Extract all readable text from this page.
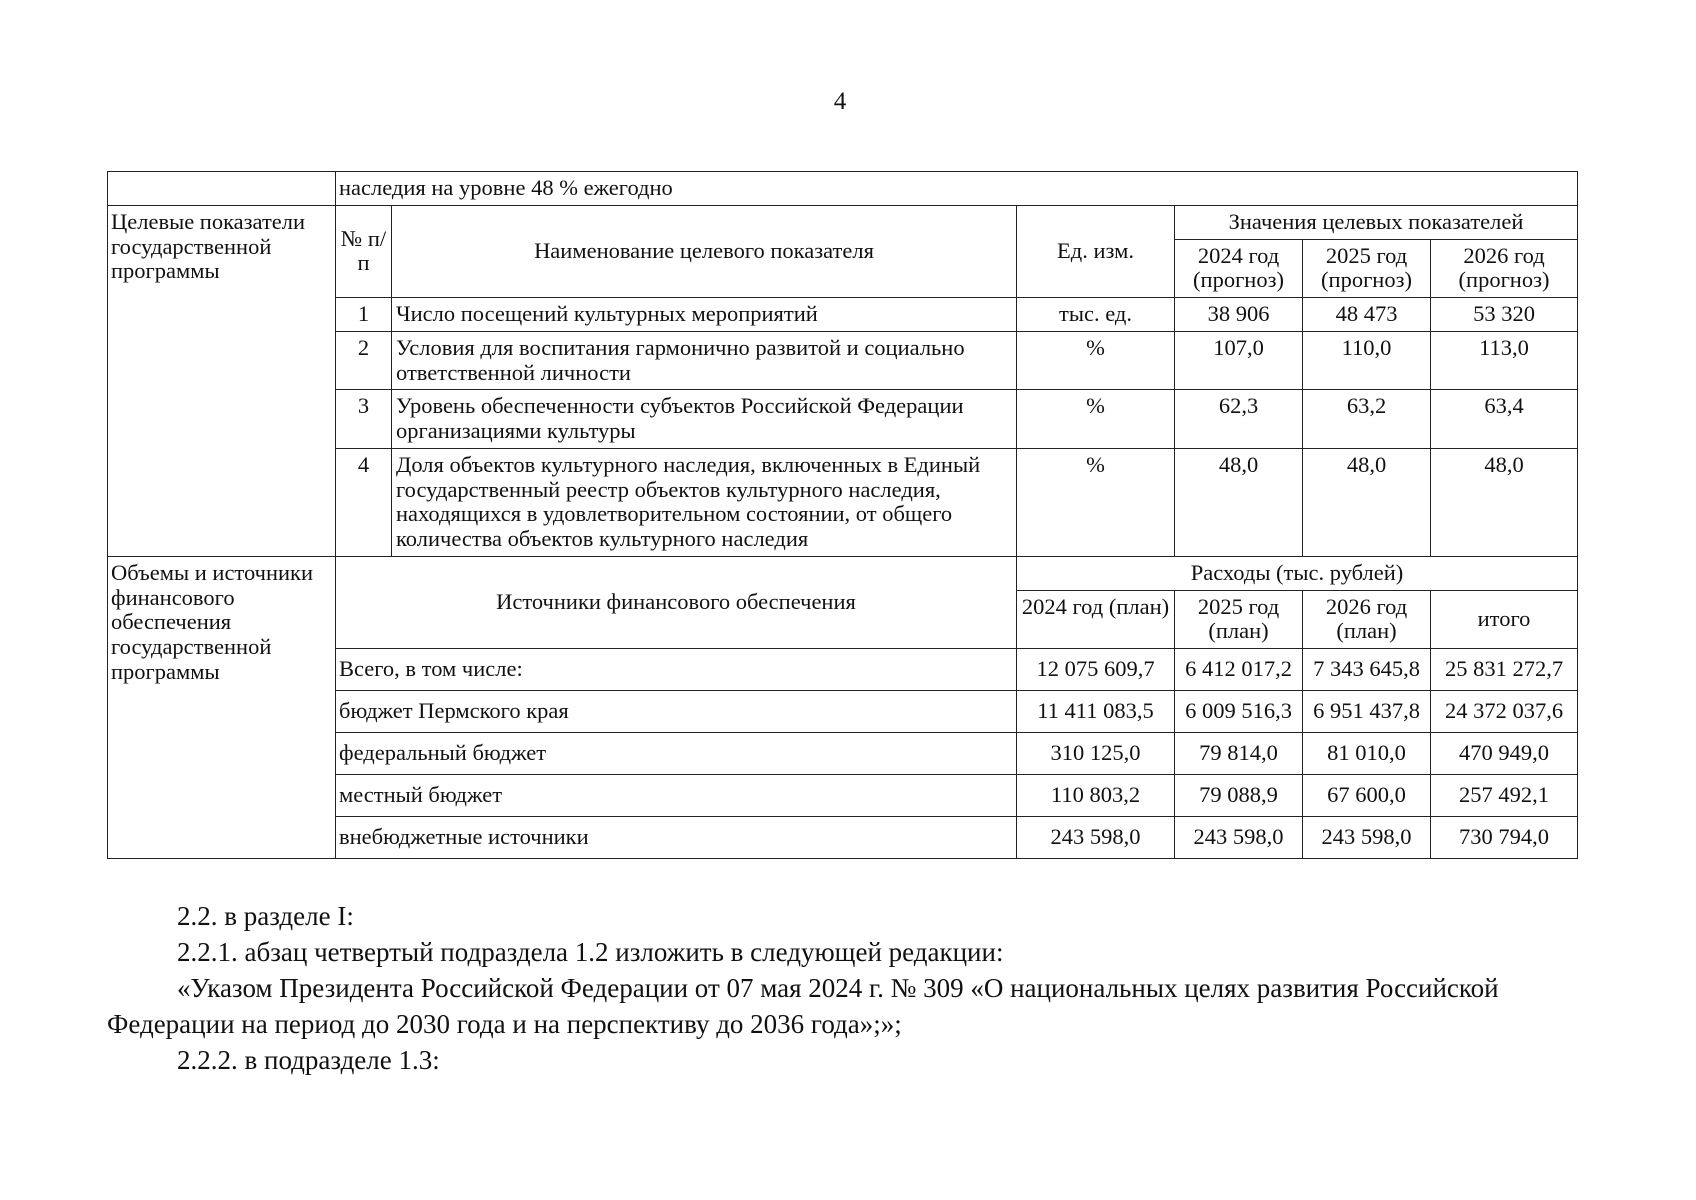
4
	наследия на уровне 48 % ежегодно					
Целевые показатели государственной программы	№ п/п	Наименование целевого показателя	Ед. изм.	Значения целевых показателей		
				2024 год (прогноз)	2025 год (прогноз)	2026 год (прогноз)
	1	Число посещений культурных мероприятий	тыс. ед.	38 906	48 473	53 320
	2	Условия для воспитания гармонично развитой и социально ответственной личности	%	107,0	110,0	113,0
	3	Уровень обеспеченности субъектов Российской Федерации организациями культуры	%	62,3	63,2	63,4
	4	Доля объектов культурного наследия, включенных в Единый государственный реестр объектов культурного наследия, находящихся в удовлетворительном состоянии, от общего количества объектов культурного наследия	%	48,0	48,0	48,0
Объемы и источники финансового обеспечения государственной программы	Источники финансового обеспечения		Расходы (тыс. рублей)			
			2024 год (план)	2025 год (план)	2026 год (план)	итого
	Всего, в том числе:		12 075 609,7	6 412 017,2	7 343 645,8	25 831 272,7
	бюджет Пермского края		11 411 083,5	6 009 516,3	6 951 437,8	24 372 037,6
	федеральный бюджет		310 125,0	79 814,0	81 010,0	470 949,0
	местный бюджет		110 803,2	79 088,9	67 600,0	257 492,1
	внебюджетные источники		243 598,0	243 598,0	243 598,0	730 794,0

2.2. в разделе I:

2.2.1. абзац четвертый подраздела 1.2 изложить в следующей редакции:

«Указом Президента Российской Федерации от 07 мая 2024 г. № 309 «О национальных целях развития Российской Федерации на период до 2030 года и на перспективу до 2036 года»;»;

2.2.2. в подразделе 1.3:
